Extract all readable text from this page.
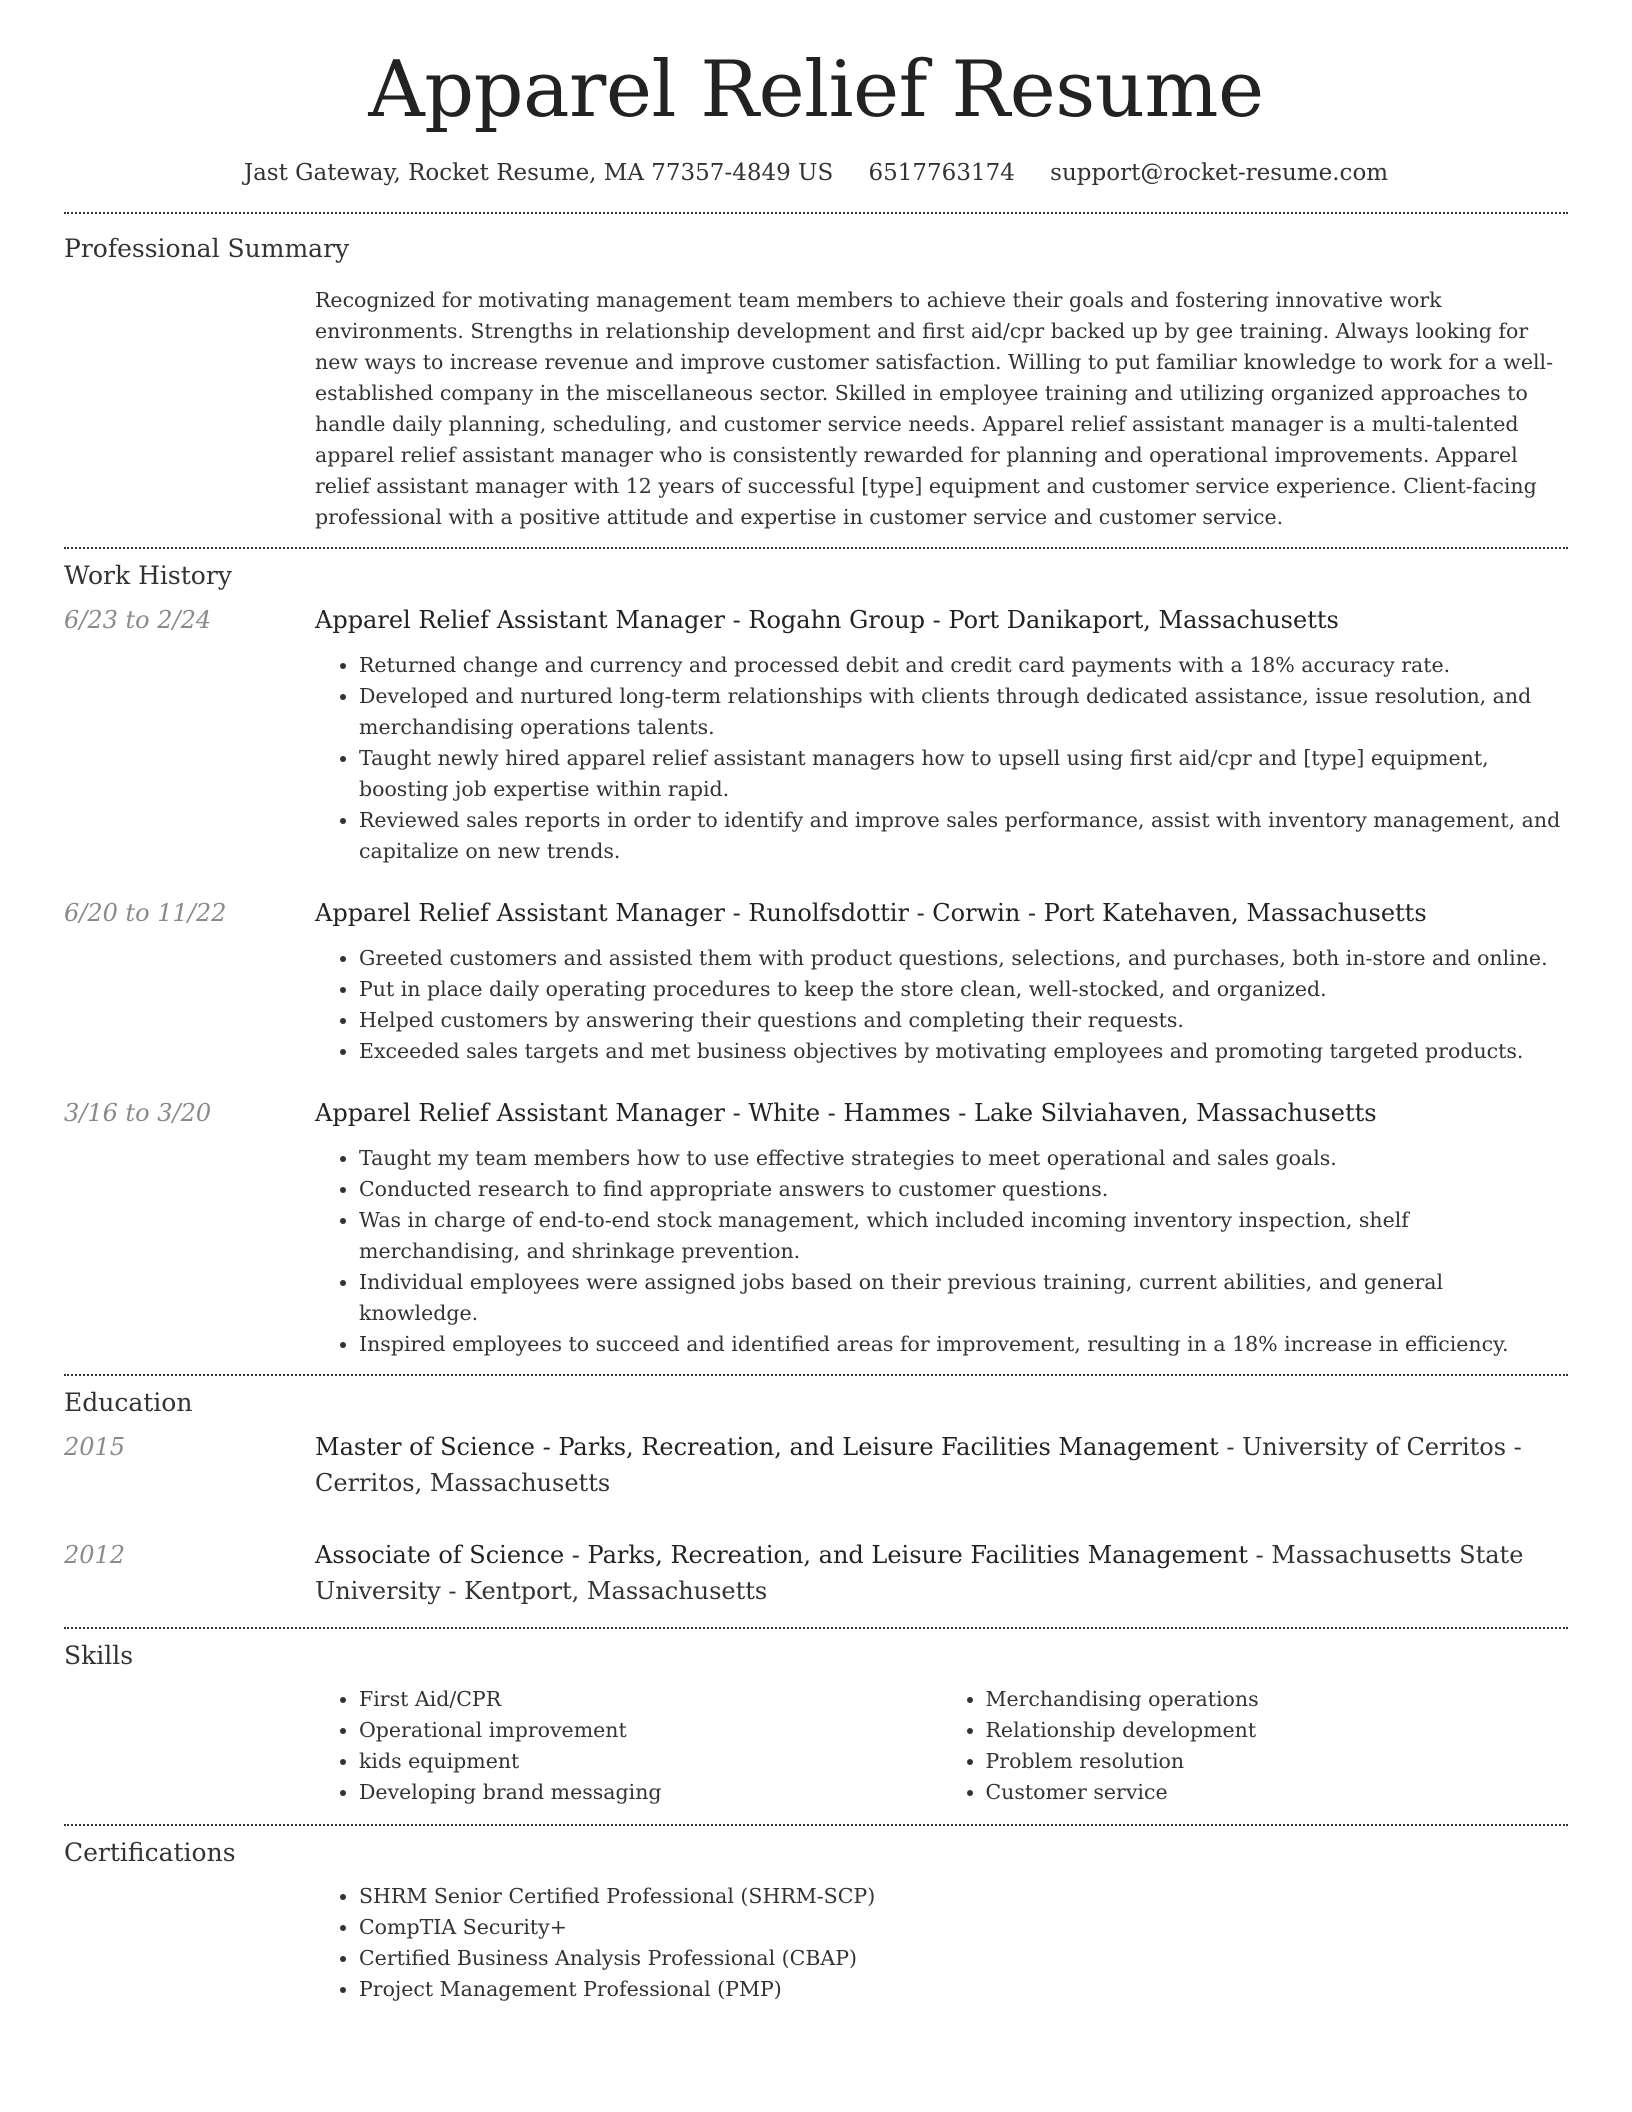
Apparel Relief Resume
Jast Gateway, Rocket Resume, MA 77357-4849 US 6517763174 support@rocket-resume.com
Professional Summary
Recognized for motivating management team members to achieve their goals and fostering innovative work environments. Strengths in relationship development and first aid/cpr backed up by gee training. Always looking for new ways to increase revenue and improve customer satisfaction. Willing to put familiar knowledge to work for a well-established company in the miscellaneous sector. Skilled in employee training and utilizing organized approaches to handle daily planning, scheduling, and customer service needs. Apparel relief assistant manager is a multi-talented apparel relief assistant manager who is consistently rewarded for planning and operational improvements. Apparel relief assistant manager with 12 years of successful [type] equipment and customer service experience. Client-facing professional with a positive attitude and expertise in customer service and customer service.
Work History
6/23 to 2/24	Apparel Relief Assistant Manager - Rogahn Group - Port Danikaport, Massachusetts
• Returned change and currency and processed debit and credit card payments with a 18% accuracy rate.
• Developed and nurtured long-term relationships with clients through dedicated assistance, issue resolution, and merchandising operations talents.
• Taught newly hired apparel relief assistant managers how to upsell using first aid/cpr and [type] equipment, boosting job expertise within rapid.
• Reviewed sales reports in order to identify and improve sales performance, assist with inventory management, and capitalize on new trends.
6/20 to 11/22	Apparel Relief Assistant Manager - Runolfsdottir - Corwin - Port Katehaven, Massachusetts
• Greeted customers and assisted them with product questions, selections, and purchases, both in-store and online.
• Put in place daily operating procedures to keep the store clean, well-stocked, and organized.
• Helped customers by answering their questions and completing their requests.
• Exceeded sales targets and met business objectives by motivating employees and promoting targeted products.
3/16 to 3/20	Apparel Relief Assistant Manager - White - Hammes - Lake Silviahaven, Massachusetts
• Taught my team members how to use effective strategies to meet operational and sales goals.
• Conducted research to find appropriate answers to customer questions.
• Was in charge of end-to-end stock management, which included incoming inventory inspection, shelf merchandising, and shrinkage prevention.
• Individual employees were assigned jobs based on their previous training, current abilities, and general knowledge.
• Inspired employees to succeed and identified areas for improvement, resulting in a 18% increase in efficiency.
Education
2015	Master of Science - Parks, Recreation, and Leisure Facilities Management - University of Cerritos - Cerritos, Massachusetts
2012	Associate of Science - Parks, Recreation, and Leisure Facilities Management - Massachusetts State University - Kentport, Massachusetts
Skills
• First Aid/CPR
• Operational improvement
• kids equipment
• Developing brand messaging
• Merchandising operations
• Relationship development
• Problem resolution
• Customer service
Certifications
• SHRM Senior Certified Professional (SHRM-SCP)
• CompTIA Security+
• Certified Business Analysis Professional (CBAP)
• Project Management Professional (PMP)
